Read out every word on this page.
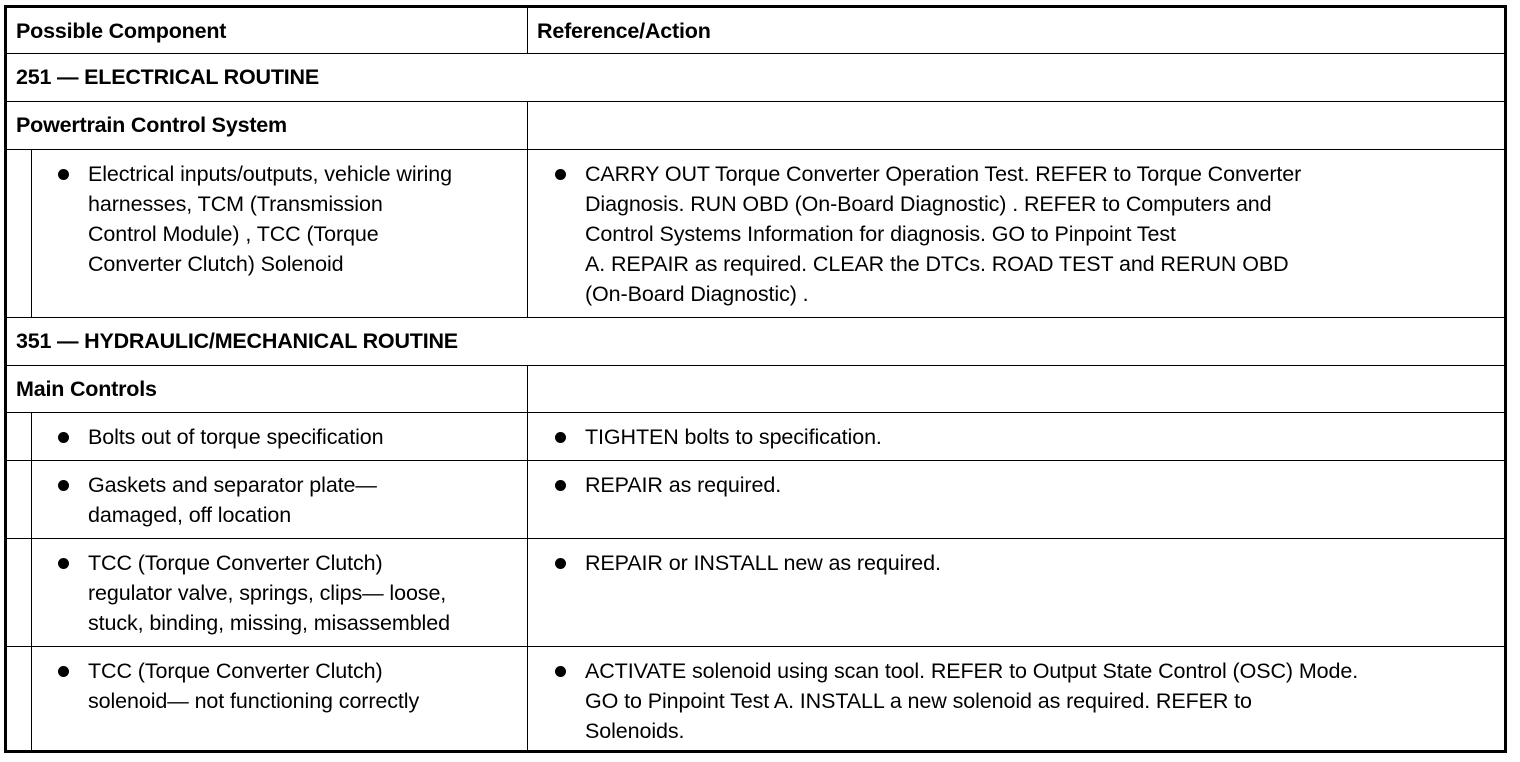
Possible Component	Reference/Action
251 — ELECTRICAL ROUTINE
Powertrain Control System
Electrical inputs/outputs, vehicle wiring
harnesses, TCM (Transmission
Control Module) , TCC (Torque
Converter Clutch) Solenoid
CARRY OUT Torque Converter Operation Test. REFER to Torque Converter
Diagnosis. RUN OBD (On-Board Diagnostic) . REFER to Computers and
Control Systems Information for diagnosis. GO to Pinpoint Test
A. REPAIR as required. CLEAR the DTCs. ROAD TEST and RERUN OBD
(On-Board Diagnostic) .
351 — HYDRAULIC/MECHANICAL ROUTINE
Main Controls
Bolts out of torque specification	TIGHTEN bolts to specification.
Gaskets and separator plate—
damaged, off location
REPAIR as required.
TCC (Torque Converter Clutch)
regulator valve, springs, clips— loose,
stuck, binding, missing, misassembled
REPAIR or INSTALL new as required.
TCC (Torque Converter Clutch)
solenoid— not functioning correctly
ACTIVATE solenoid using scan tool. REFER to Output State Control (OSC) Mode.
GO to Pinpoint Test A. INSTALL a new solenoid as required. REFER to
Solenoids.
